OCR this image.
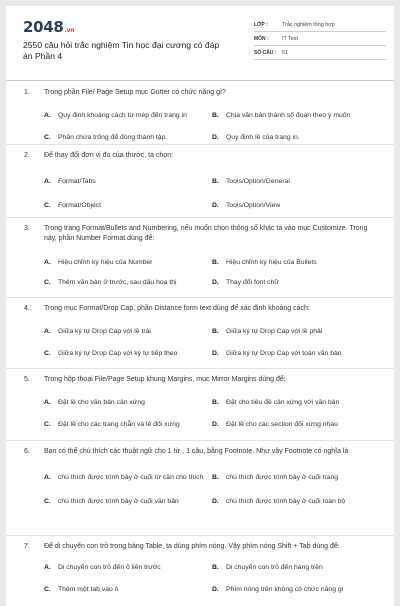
2048.vn
2550 câu hỏi trắc nghiệm Tin học đại cương có đáp án Phần 4
LỚP :	Trắc nghiệm tổng hợp
MÔN :	IT Test
SỐ CÂU :	51
1.	Trong phần File/ Page Setup mục Gutter có chức năng gì?
A.	Quy định khoảng cách từ mép đến trang in	B.	Chia văn bản thành số đoạn theo ý muốn
C.	Phần chừa trống để đóng thành tập.	D.	Quy định lề của trang in.
2.	Để thay đổi đơn vị đo của thước, ta chọn:
A.	Format/Tabs	B.	Tools/Option/General
C.	Format/Object	D.	Tools/Option/View
3.	Trong trang Format/Bullets and Numbering, nếu muốn chọn thông số khác ta vào mục Customize. Trong này, phần Number Format dùng để:
A.	Hiệu chỉnh ký hiệu của Number	B.	Hiệu chỉnh ký hiệu của Bullets
C.	Thêm văn bản ở trước, sau dấu hoa thị	D.	Thay đổi font chữ
4.	Trong mục Format/Drop Cap, phần Distance form text dùng để xác định khoảng cách:
A.	Giữa ký tự Drop Cap với lề trái	B.	Giữa ký tự Drop Cap với lề phải
C.	Giữa ký tự Drop Cap với ký tự tiếp theo	D.	Giữa ký tự Drop Cap với toàn văn bản
5.	Trong hộp thoại File/Page Setup khung Margins, mục Mirror Margins dùng để:
A.	Đặt lề cho văn bản cân xứng	B.	Đặt cho tiêu đề cân xứng với văn bản
C.	Đặt lề cho các trang chẵn và lẻ đối xứng	D.	Đặt lề cho các section đối xứng nhau
6.	Bạn có thể chú thích các thuật ngữ cho 1 từ , 1 câu, bằng Footnote. Như vậy Footnote có nghĩa là
A.	chú thích được trình bày ở cuối từ cần chú thích	B.	chú thích được trình bày ở cuối trang
C.	chú thích được trình bày ở cuối văn bản	D.	chú thích được trình bày ở cuối toàn bộ
7.	Để di chuyển con trỏ trong bảng Table, ta dùng phím nóng. Vậy phím nóng Shift + Tab dùng để:
A.	Di chuyển con trỏ đến ô liền trước	B.	Di chuyển con trỏ đến hàng trên
C.	Thêm một tab vào ô	D.	Phím nóng trên không có chức năng gì
